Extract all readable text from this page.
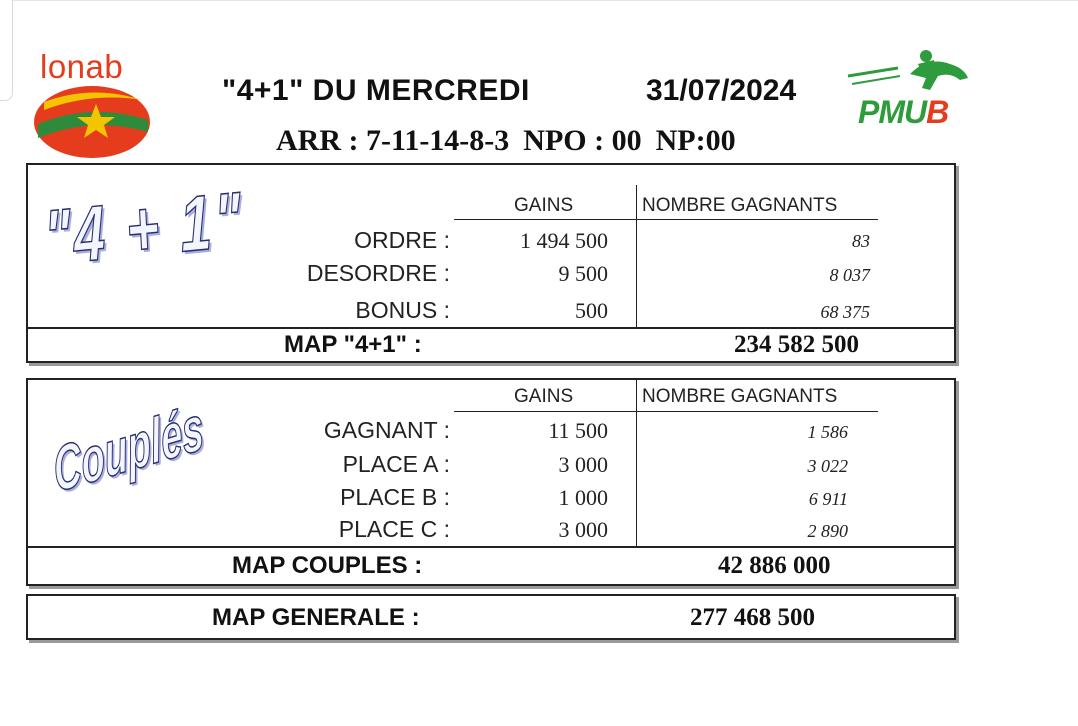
lonab
PMUB
"4+1" DU MERCREDI	31/07/2024
ARR : 7-11-14-8-3 NPO : 00 NP:00
"4 + 1"	GAINS	NOMBRE GAGNANTS
ORDRE :	1 494 500	83
DESORDRE :	9 500	8 037
BONUS :	500	68 375
MAP "4+1" :	234 582 500
Couplés	GAINS	NOMBRE GAGNANTS
GAGNANT :	11 500	1 586
PLACE A :	3 000	3 022
PLACE B :	1 000	6 911
PLACE C :	3 000	2 890
MAP COUPLES :	42 886 000
MAP GENERALE :	277 468 500
